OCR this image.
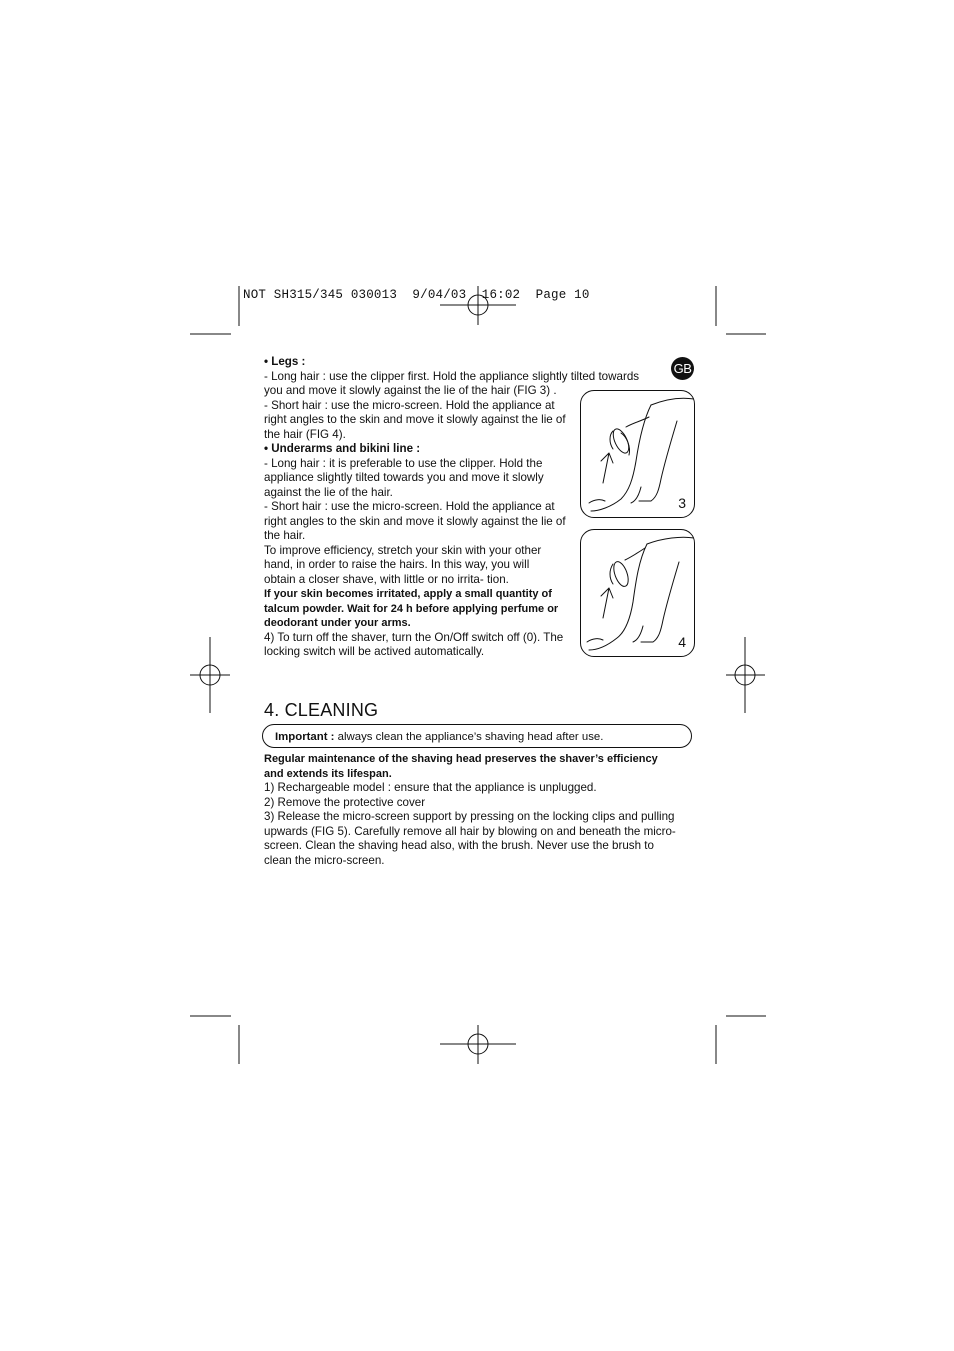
NOT SH315/345 030013  9/04/03  16:02  Page 10
GB
• Legs :
- Long hair : use the clipper first. Hold the appliance slightly tilted towards you and move it slowly against the lie of the hair (FIG 3) .
- Short hair : use the micro-screen. Hold the appliance at right angles to the skin and move it slowly against the lie of the hair (FIG 4).
• Underarms and bikini line :
- Long hair : it is preferable to use the clipper. Hold the appliance slightly tilted towards you and move it slowly against the lie of the hair.
- Short hair : use the micro-screen. Hold the appliance at right angles to the skin and move it slowly against the lie of the hair.
To improve efficiency, stretch your skin with your other hand, in order to raise the hairs. In this way, you will obtain a closer shave, with little or no irrita- tion.
If your skin becomes irritated, apply a small quantity of talcum powder. Wait for 24 h before applying perfume or deodorant under your arms.
4) To turn off the shaver, turn the On/Off switch off (0). The locking switch will be actived automatically.
3
4
4. CLEANING
Important : always clean the appliance’s shaving head after use.
Regular maintenance of the shaving head preserves the shaver’s efficiency and extends its lifespan.
1) Rechargeable model : ensure that the appliance is unplugged.
2) Remove the protective cover
3) Release the micro-screen support by pressing on the locking clips and pulling upwards (FIG 5). Carefully remove all hair by blowing on and beneath the micro-screen. Clean the shaving head also, with the brush. Never use the brush to clean the micro-screen.
